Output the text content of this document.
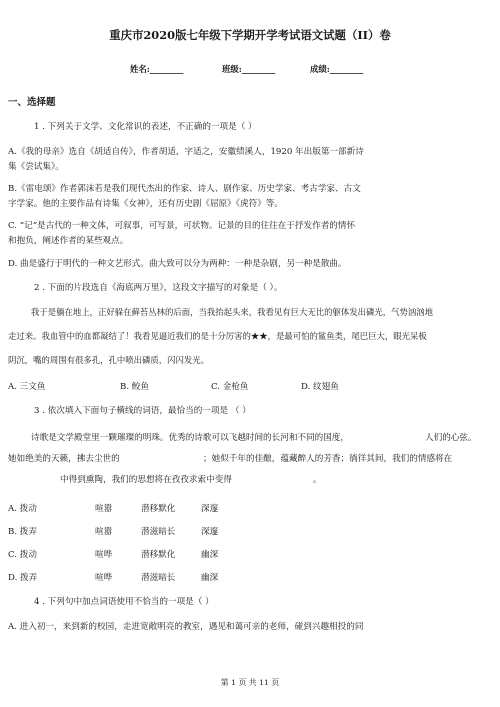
重庆市2020版七年级下学期开学考试语文试题（II）卷
姓名:________	班级:________	成绩:________
一、选择题
1 . 下列关于文学、文化常识的表述，不正确的一项是（ ）
A.《我的母亲》选自《胡适自传》，作者胡适，字适之，安徽绩溪人，1920 年出版第一部新诗
集《尝试集》。
B.《雷电颂》作者郭沫若是我们现代杰出的作家、诗人、剧作家、历史学家、考古学家、古文
字学家。他的主要作品有诗集《女神》，还有历史剧《屈原》《虎符》等。
C. “记”是古代的一种文体，可叙事，可写景，可状物。记景的目的往往在于抒发作者的情怀
和抱负，阐述作者的某些观点。
D. 曲是盛行于明代的一种文艺形式。曲大致可以分为两种：一种是杂剧，另一种是散曲。
2 . 下面的片段选自《海底两万里》，这段文字描写的对象是（ ）。
我于是躺在地上，正好躲在藓苔丛林的后面，当我抬起头来，我看见有巨大无比的躯体发出磷光，气势汹汹地
走过来。我血管中的血都凝结了！我看见逼近我们的是十分厉害的★★，是最可怕的鲨鱼类，尾巴巨大，眼光呆板
阴沉，嘴的周围有很多孔，孔中喷出磷质，闪闪发光。
A. 三文鱼	B. 鲛鱼	C. 金枪鱼	D. 纹翅鱼
3 . 依次填入下面句子横线的词语，最恰当的一项是 （ ）
诗歌是文学殿堂里一颗璀璨的明珠。优秀的诗歌可以飞越时间的长河和不同的国度，	人们的心弦。
她如绝美的天籁，拂去尘世的	；她似千年的佳酿，蕴藏醉人的芳香；徜徉其间，我们的情感将在
中得到熏陶，我们的思想将在孜孜求索中变得	。
A. 拨动	喧嚣	潜移默化	深邃
B. 拨弄	喧嚣	潜滋暗长	深邃
C. 拨动	喧哗	潜移默化	幽深
D. 拨弄	喧哗	潜滋暗长	幽深
4 . 下列句中加点词语使用不恰当的一项是（ ）
A. 进入初一，来到新的校园，走进宽敞明亮的教室，遇见和蔼可亲的老师，碰到兴趣相投的同
第 1 页 共 11 页
